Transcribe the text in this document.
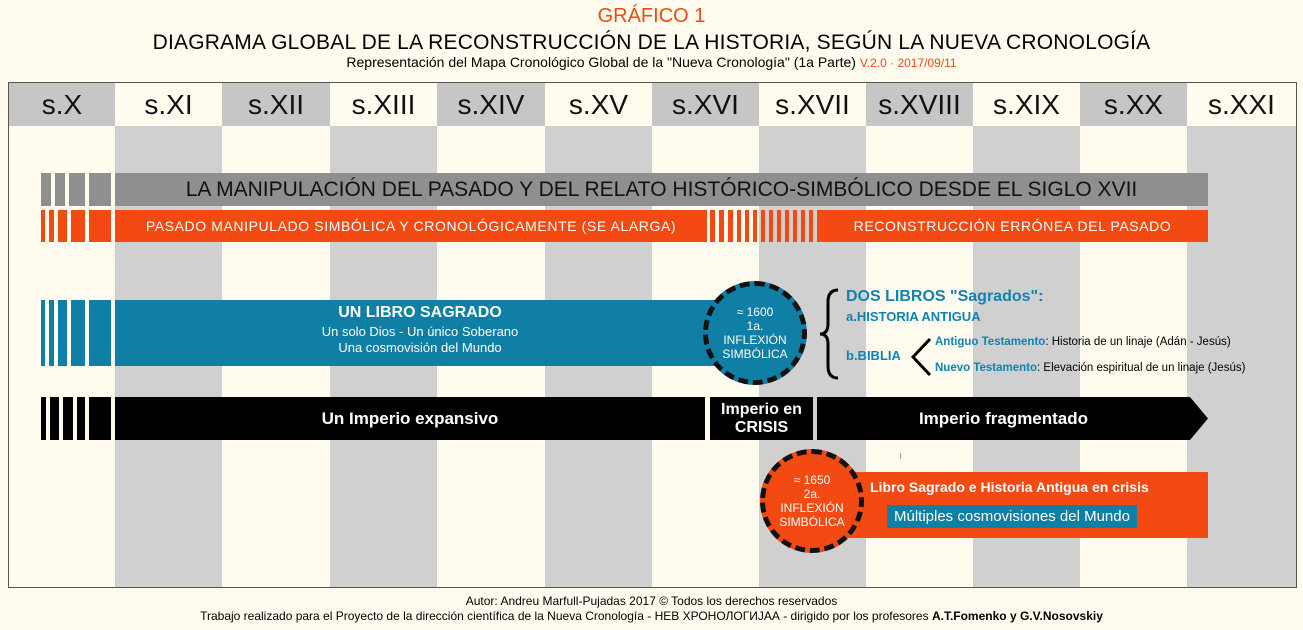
GRÁFICO 1
DIAGRAMA GLOBAL DE LA RECONSTRUCCIÓN DE LA HISTORIA, SEGÚN LA NUEVA CRONOLOGÍA
Representación del Mapa Cronológico Global de la "Nueva Cronología" (1a Parte) V.2.0 · 2017/09/11
s.X	s.XI	s.XII	s.XIII	s.XIV	s.XV	s.XVI	s.XVII	s.XVIII	s.XIX	s.XX	s.XXI
LA MANIPULACIÓN DEL PASADO Y DEL RELATO HISTÓRICO-SIMBÓLICO DESDE EL SIGLO XVII
PASADO MANIPULADO SIMBÓLICA Y CRONOLÓGICAMENTE (SE ALARGA)	RECONSTRUCCIÓN ERRÓNEA DEL PASADO
UN LIBRO SAGRADO
Un solo Dios - Un único Soberano
Una cosmovisión del Mundo
≈ 1600
1a.
INFLEXIÓN
SIMBÓLICA
DOS LIBROS "Sagrados":
a.HISTORIA ANTIGUA
b.BIBLIA
Antiguo Testamento: Historia de un linaje (Adán - Jesús)
Nuevo Testamento: Elevación espiritual de un linaje (Jesús)
Un Imperio expansivo	Imperio en
CRISIS	Imperio fragmentado
Libro Sagrado e Historia Antigua en crisis
Múltiples cosmovisiones del Mundo
≈ 1650
2a.
INFLEXIÓN
SIMBÓLICA
Autor: Andreu Marfull-Pujadas 2017 © Todos los derechos reservados
Trabajo realizado para el Proyecto de la dirección científica de la Nueva Cronología - НЕВ ХРОНОЛОГИJАА - dirigido por los profesores A.T.Fomenko y G.V.Nosovskiy
